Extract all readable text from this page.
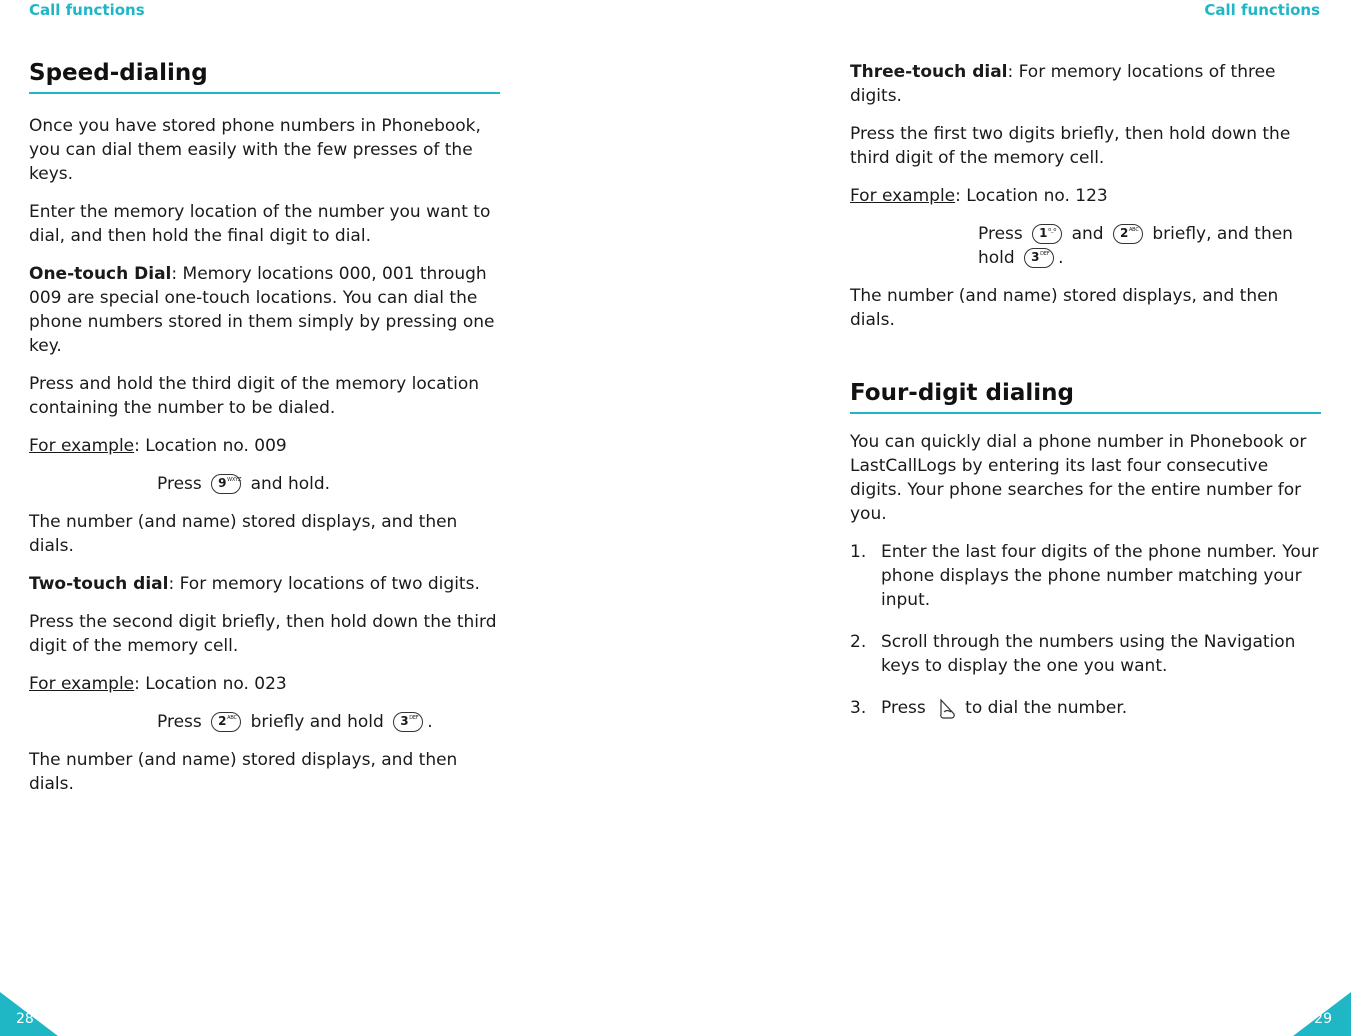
Call functions	Call functions
Speed-dialing

Once you have stored phone numbers in Phonebook, you can dial them easily with the few presses of the keys.

Enter the memory location of the number you want to dial, and then hold the final digit to dial.

One-touch Dial: Memory locations 000, 001 through 009 are special one-touch locations. You can dial the phone numbers stored in them simply by pressing one key.

Press and hold the third digit of the memory location containing the number to be dialed.

For example: Location no. 009

Press 9 WXYZ and hold.

The number (and name) stored displays, and then dials.

Two-touch dial: For memory locations of two digits.

Press the second digit briefly, then hold down the third digit of the memory cell.

For example: Location no. 023

Press 2 ABC briefly and hold 3 DEF .

The number (and name) stored displays, and then dials.

Three-touch dial: For memory locations of three digits.

Press the first two digits briefly, then hold down the third digit of the memory cell.

For example: Location no. 123

Press 1 o_o and 2 ABC briefly, and then hold 3 DEF .

The number (and name) stored displays, and then dials.

Four-digit dialing

You can quickly dial a phone number in Phonebook or LastCallLogs by entering its last four consecutive digits. Your phone searches for the entire number for you.

1. Enter the last four digits of the phone number. Your phone displays the phone number matching your input.
2. Scroll through the numbers using the Navigation keys to display the one you want.
3. Press to dial the number.
28	29
